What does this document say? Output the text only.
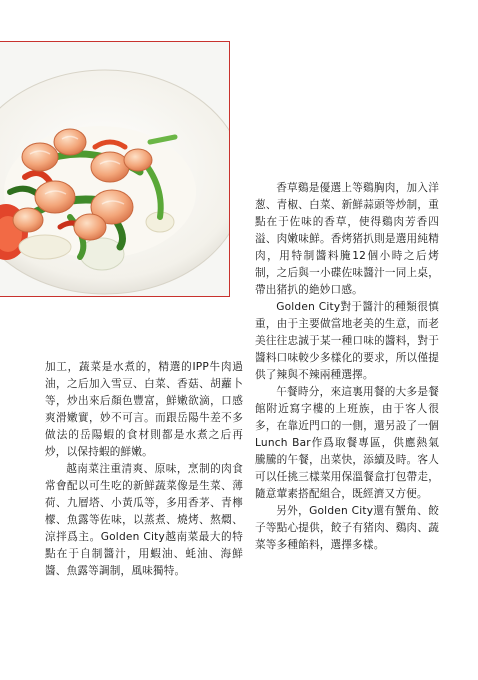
加工，蔬菜是水煮的，精選的IPP牛肉過油，之后加入雪豆、白菜、香菇、胡蘿卜等，炒出來后顏色豐富，鮮嫩欲滴，口感爽滑嫩實，妙不可言。而跟岳陽牛差不多做法的岳陽蝦的食材則都是水煮之后再炒，以保持蝦的鮮嫩。

越南菜注重清爽、原味，烹制的肉食常會配以可生吃的新鮮蔬菜像是生菜、薄荷、九層塔、小黃瓜等，多用香茅、青檸檬、魚露等佐味，以蒸煮、燒烤、熬燜、涼拌爲主。Golden City越南菜最大的特點在于自制醬汁，用蝦油、蚝油、海鮮醬、魚露等調制，風味獨特。

香草鷄是優選上等鷄胸肉，加入洋葱、青椒、白菜、新鮮蒜頭等炒制，重點在于佐味的香草，使得鷄肉芳香四溢、肉嫩味鮮。香烤猪扒則是選用純精肉，用特制醬料腌12個小時之后烤制，之后與一小碟佐味醬汁一同上桌，帶出猪扒的絶妙口感。

Golden City對于醬汁的種類很慎重，由于主要做當地老美的生意，而老美往往忠誠于某一種口味的醬料，對于醬料口味較少多樣化的要求，所以僅提供了辣與不辣兩種選擇。

午餐時分，來這裏用餐的大多是餐館附近寫字樓的上班族，由于客人很多，在靠近門口的一側，還另設了一個Lunch Bar作爲取餐專區，供應熱氣騰騰的午餐，出菜快，添續及時。客人可以任挑三樣菜用保溫餐盒打包帶走，隨意葷素搭配組合，既經濟又方便。

另外，Golden City還有蟹角、餃子等點心提供，餃子有猪肉、鷄肉、蔬菜等多種餡料，選擇多樣。
